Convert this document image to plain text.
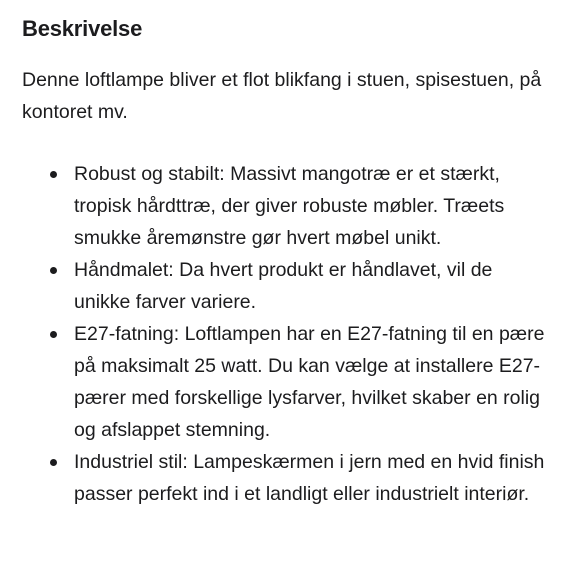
Beskrivelse

Denne loftlampe bliver et flot blikfang i stuen, spisestuen, på kontoret mv.

Robust og stabilt: Massivt mangotræ er et stærkt, tropisk hårdttræ, der giver robuste møbler. Træets smukke åremønstre gør hvert møbel unikt.
Håndmalet: Da hvert produkt er håndlavet, vil de unikke farver variere.
E27-fatning: Loftlampen har en E27-fatning til en pære på maksimalt 25 watt. Du kan vælge at installere E27-pærer med forskellige lysfarver, hvilket skaber en rolig og afslappet stemning.
Industriel stil: Lampeskærmen i jern med en hvid finish passer perfekt ind i et landligt eller industrielt interiør.
